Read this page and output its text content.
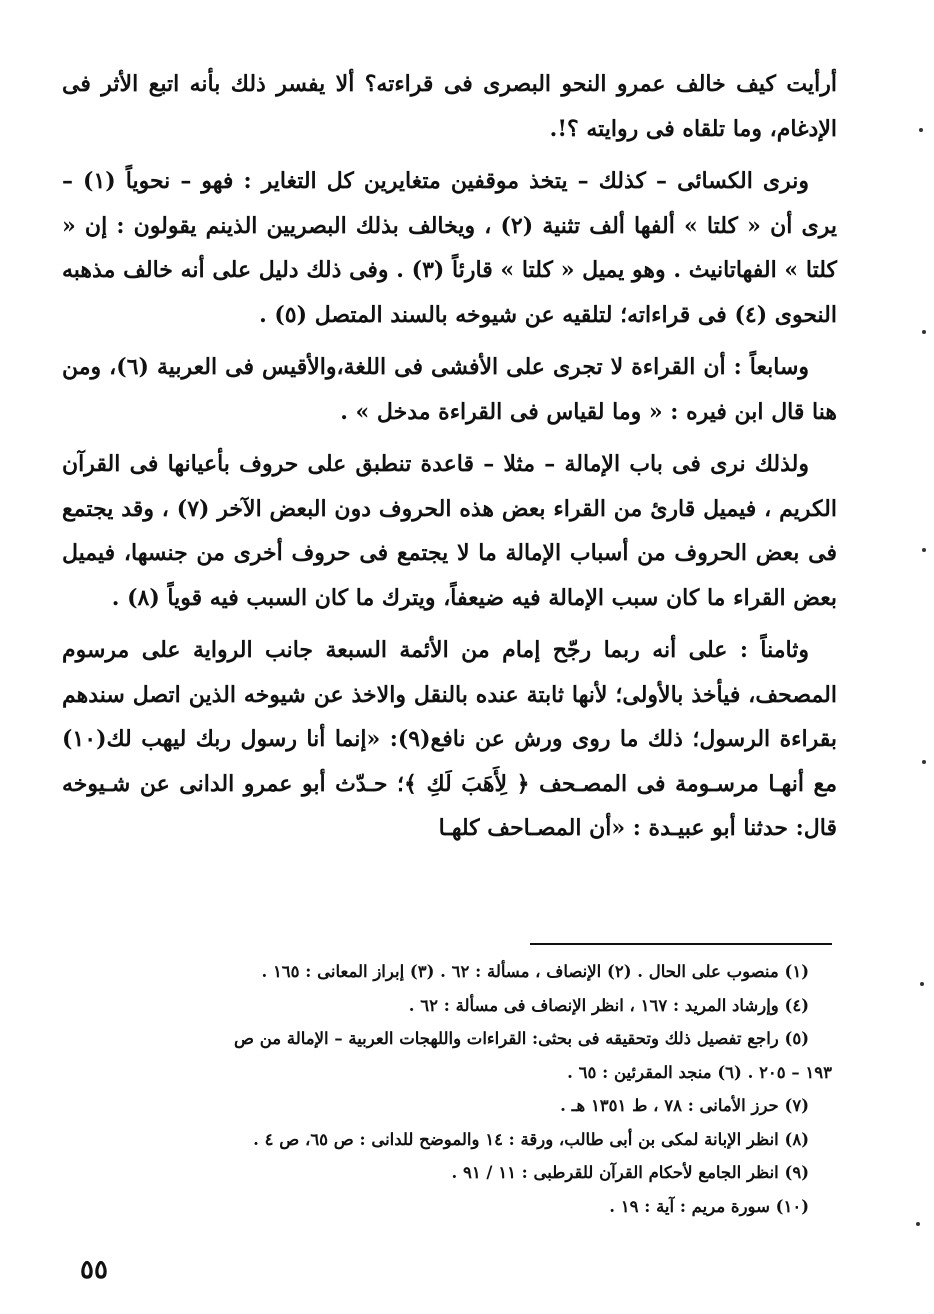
أرأيت كيف خالف عمرو النحو البصرى فى قراءته؟ ألا يفسر ذلك بأنه اتبع الأثر فى الإدغام، وما تلقاه فى روايته ؟!.

ونرى الكسائى – كذلك – يتخذ موقفين متغايرين كل التغاير : فهو – نحوياً (١) – يرى أن « كلتا » ألفها ألف تثنية (٢) ، ويخالف بذلك البصريين الذينم يقولون : إن « كلتا » الفهاتانيث . وهو يميل « كلتا » قارئاً (٣) . وفى ذلك دليل على أنه خالف مذهبه النحوى (٤) فى قراءاته؛ لتلقيه عن شيوخه بالسند المتصل (٥) .

وسابعاً : أن القراءة لا تجرى على الأفشى فى اللغة،والأقيس فى العربية (٦)، ومن هنا قال ابن فيره : « وما لقياس فى القراءة مدخل » .

ولذلك نرى فى باب الإمالة – مثلا – قاعدة تنطبق على حروف بأعيانها فى القرآن الكريم ، فيميل قارئ من القراء بعض هذه الحروف دون البعض الآخر (٧) ، وقد يجتمع فى بعض الحروف من أسباب الإمالة ما لا يجتمع فى حروف أخرى من جنسها، فيميل بعض القراء ما كان سبب الإمالة فيه ضيعفاً، ويترك ما كان السبب فيه قوياً (٨) .

وثامناً : على أنه ربما رجّح إمام من الأئمة السبعة جانب الرواية على مرسوم المصحف، فيأخذ بالأولى؛ لأنها ثابتة عنده بالنقل والاخذ عن شيوخه الذين اتصل سندهم بقراءة الرسول؛ ذلك ما روى ورش عن نافع(٩): «إنما أنا رسول ربك ليهب لك(١٠) مع أنهـا مرسـومة فى المصـحف ﴿ لِأَهَبَ لَكِ ﴾؛ حـدّث أبو عمرو الدانى عن شـيوخه قال: حدثنا أبو عبيـدة : «أن المصـاحف كلهـا

(١) منصوب على الحال . (٢) الإنصاف ، مسألة : ٦٢ . (٣) إبراز المعانى : ١٦٥ .
(٤) وإرشاد المريد : ١٦٧ ، انظر الإنصاف فى مسألة : ٦٢ .
(٥) راجع تفصيل ذلك وتحقيقه فى بحثى: القراءات واللهجات العربية – الإمالة من ص
١٩٣ – ٢٠٥ . (٦) منجد المقرئين : ٦٥ .
(٧) حرز الأمانى : ٧٨ ، ط ١٣٥١ هـ .
(٨) انظر الإبانة لمكى بن أبى طالب، ورقة : ١٤ والموضح للدانى : ص ٦٥، ص ٤ .
(٩) انظر الجامع لأحكام القرآن للقرطبى : ١١ / ٩١ .
(١٠) سورة مريم : آية : ١٩ .
٥٥
